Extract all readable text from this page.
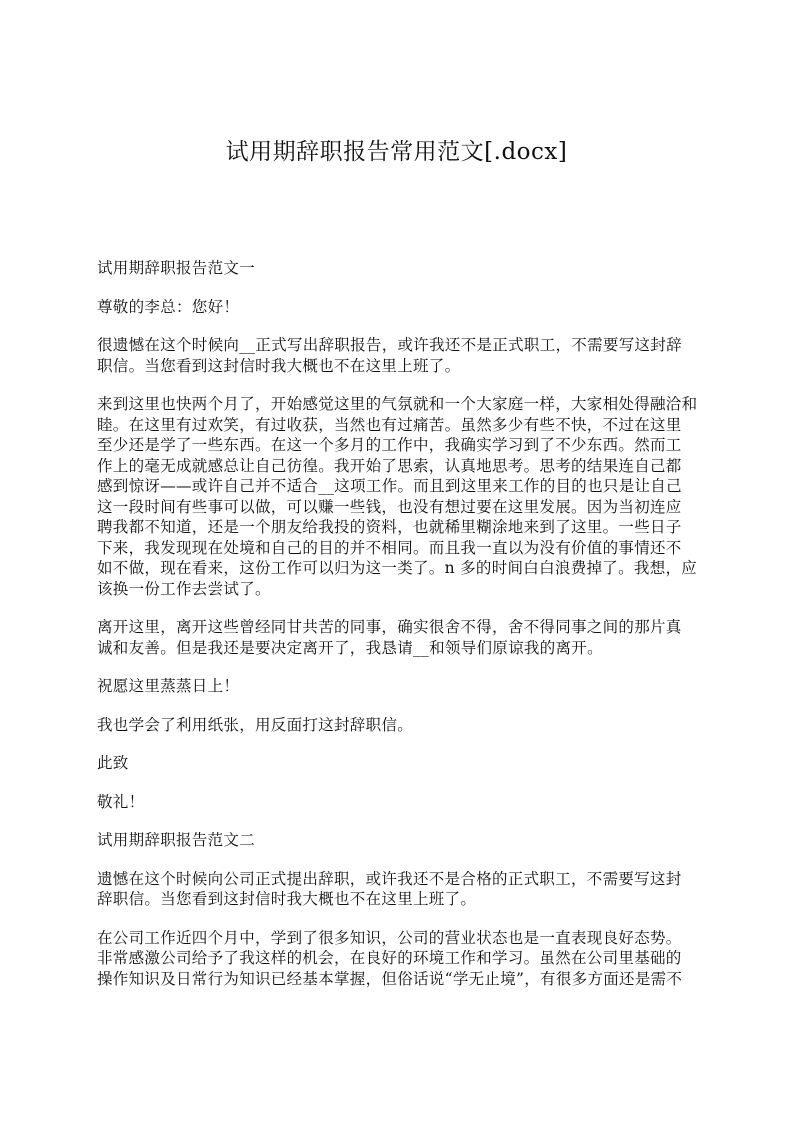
试用期辞职报告常用范文[.docx]
试用期辞职报告范文一
尊敬的李总：您好！
很遗憾在这个时候向__正式写出辞职报告，或许我还不是正式职工，不需要写这封辞
职信。当您看到这封信时我大概也不在这里上班了。
来到这里也快两个月了，开始感觉这里的气氛就和一个大家庭一样，大家相处得融洽和
睦。在这里有过欢笑，有过收获，当然也有过痛苦。虽然多少有些不快，不过在这里
至少还是学了一些东西。在这一个多月的工作中，我确实学习到了不少东西。然而工
作上的毫无成就感总让自己彷徨。我开始了思索，认真地思考。思考的结果连自己都
感到惊讶——或许自己并不适合__这项工作。而且到这里来工作的目的也只是让自己
这一段时间有些事可以做，可以赚一些钱，也没有想过要在这里发展。因为当初连应
聘我都不知道，还是一个朋友给我投的资料，也就稀里糊涂地来到了这里。一些日子
下来，我发现现在处境和自己的目的并不相同。而且我一直以为没有价值的事情还不
如不做，现在看来，这份工作可以归为这一类了。n 多的时间白白浪费掉了。我想，应
该换一份工作去尝试了。
离开这里，离开这些曾经同甘共苦的同事，确实很舍不得，舍不得同事之间的那片真
诚和友善。但是我还是要决定离开了，我恳请__和领导们原谅我的离开。
祝愿这里蒸蒸日上！
我也学会了利用纸张，用反面打这封辞职信。
此致
敬礼！
试用期辞职报告范文二
遗憾在这个时候向公司正式提出辞职，或许我还不是合格的正式职工，不需要写这封
辞职信。当您看到这封信时我大概也不在这里上班了。
在公司工作近四个月中，学到了很多知识，公司的营业状态也是一直表现良好态势。
非常感激公司给予了我这样的机会，在良好的环境工作和学习。虽然在公司里基础的
操作知识及日常行为知识已经基本掌握，但俗话说“学无止境”，有很多方面还是需不
